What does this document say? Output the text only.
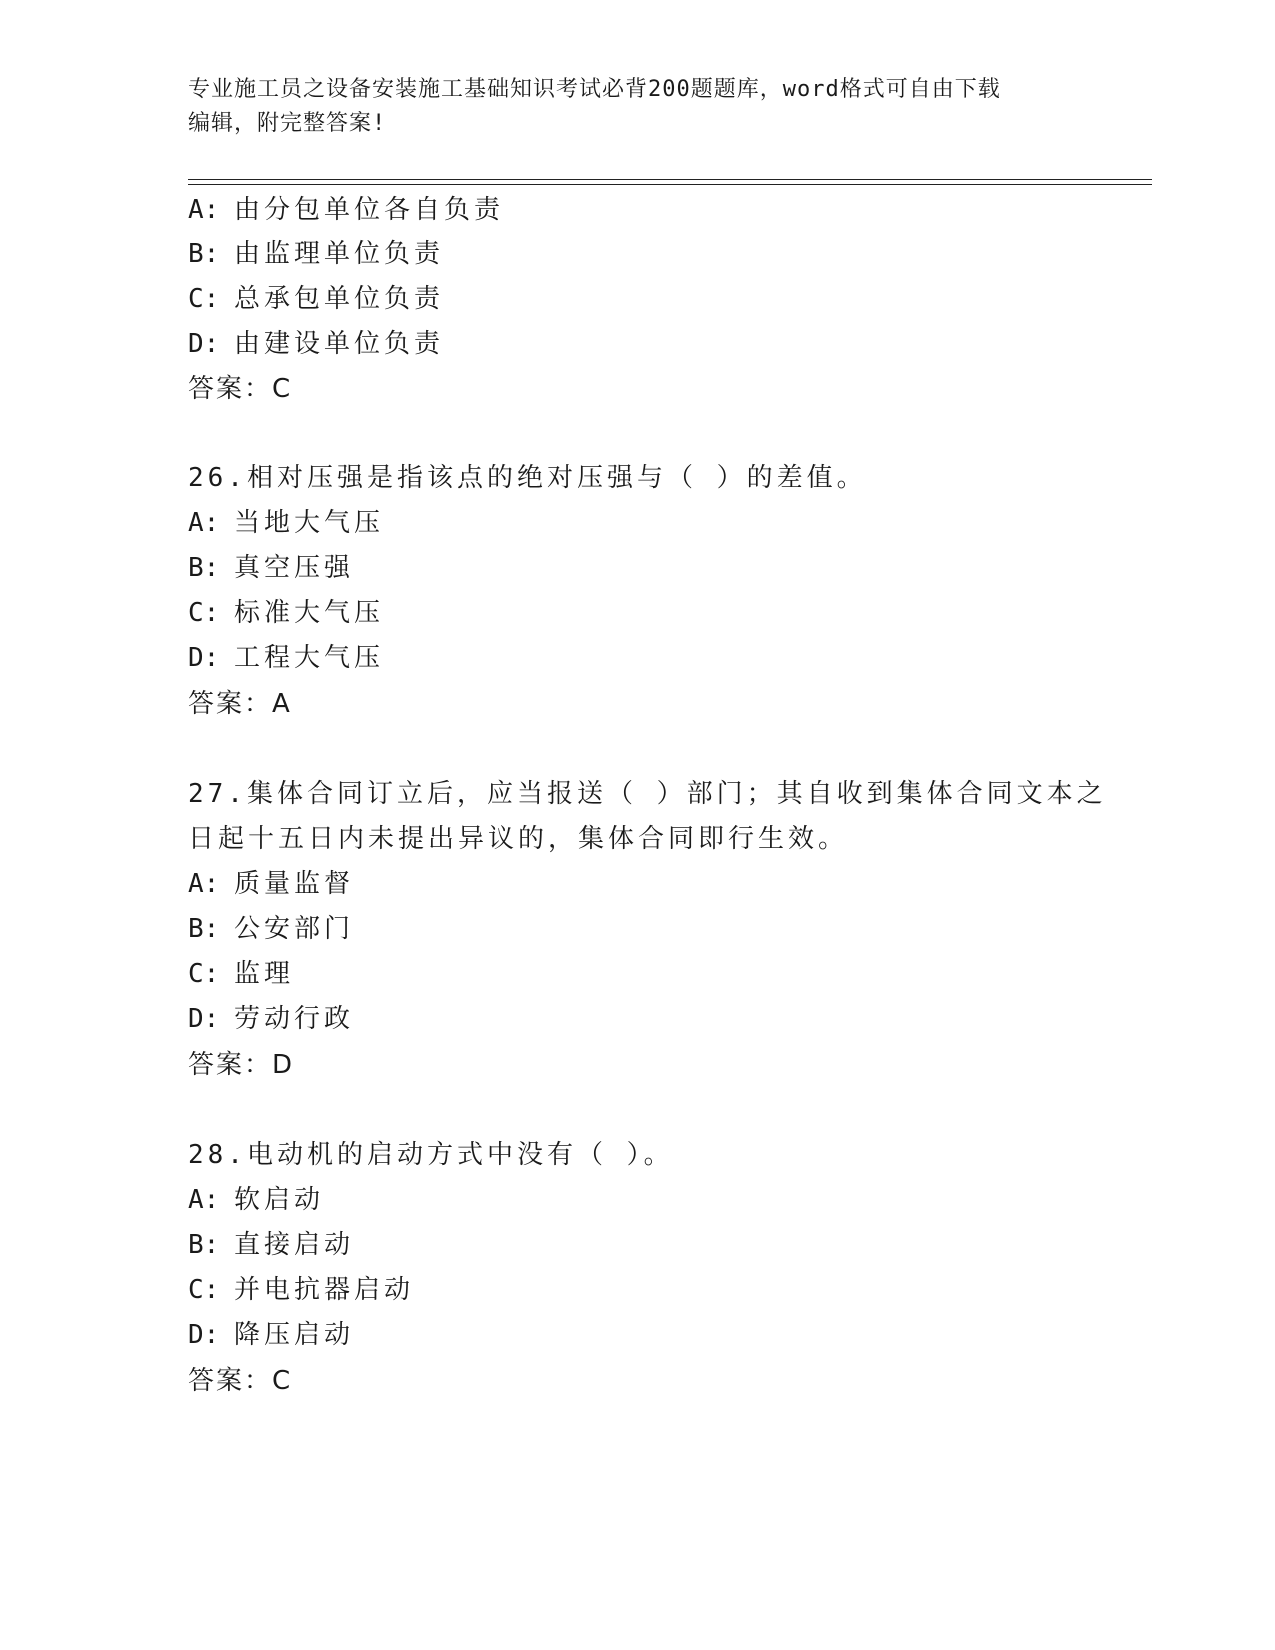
专业施工员之设备安装施工基础知识考试必背200题题库，word格式可自由下载
编辑，附完整答案!
A: 由分包单位各自负责
B: 由监理单位负责
C: 总承包单位负责
D: 由建设单位负责
答案：C
26.相对压强是指该点的绝对压强与（ ）的差值。
A: 当地大气压
B: 真空压强
C: 标准大气压
D: 工程大气压
答案：A
27.集体合同订立后，应当报送（ ）部门；其自收到集体合同文本之
日起十五日内未提出异议的，集体合同即行生效。
A: 质量监督
B: 公安部门
C: 监理
D: 劳动行政
答案：D
28.电动机的启动方式中没有（ ）。
A: 软启动
B: 直接启动
C: 并电抗器启动
D: 降压启动
答案：C
